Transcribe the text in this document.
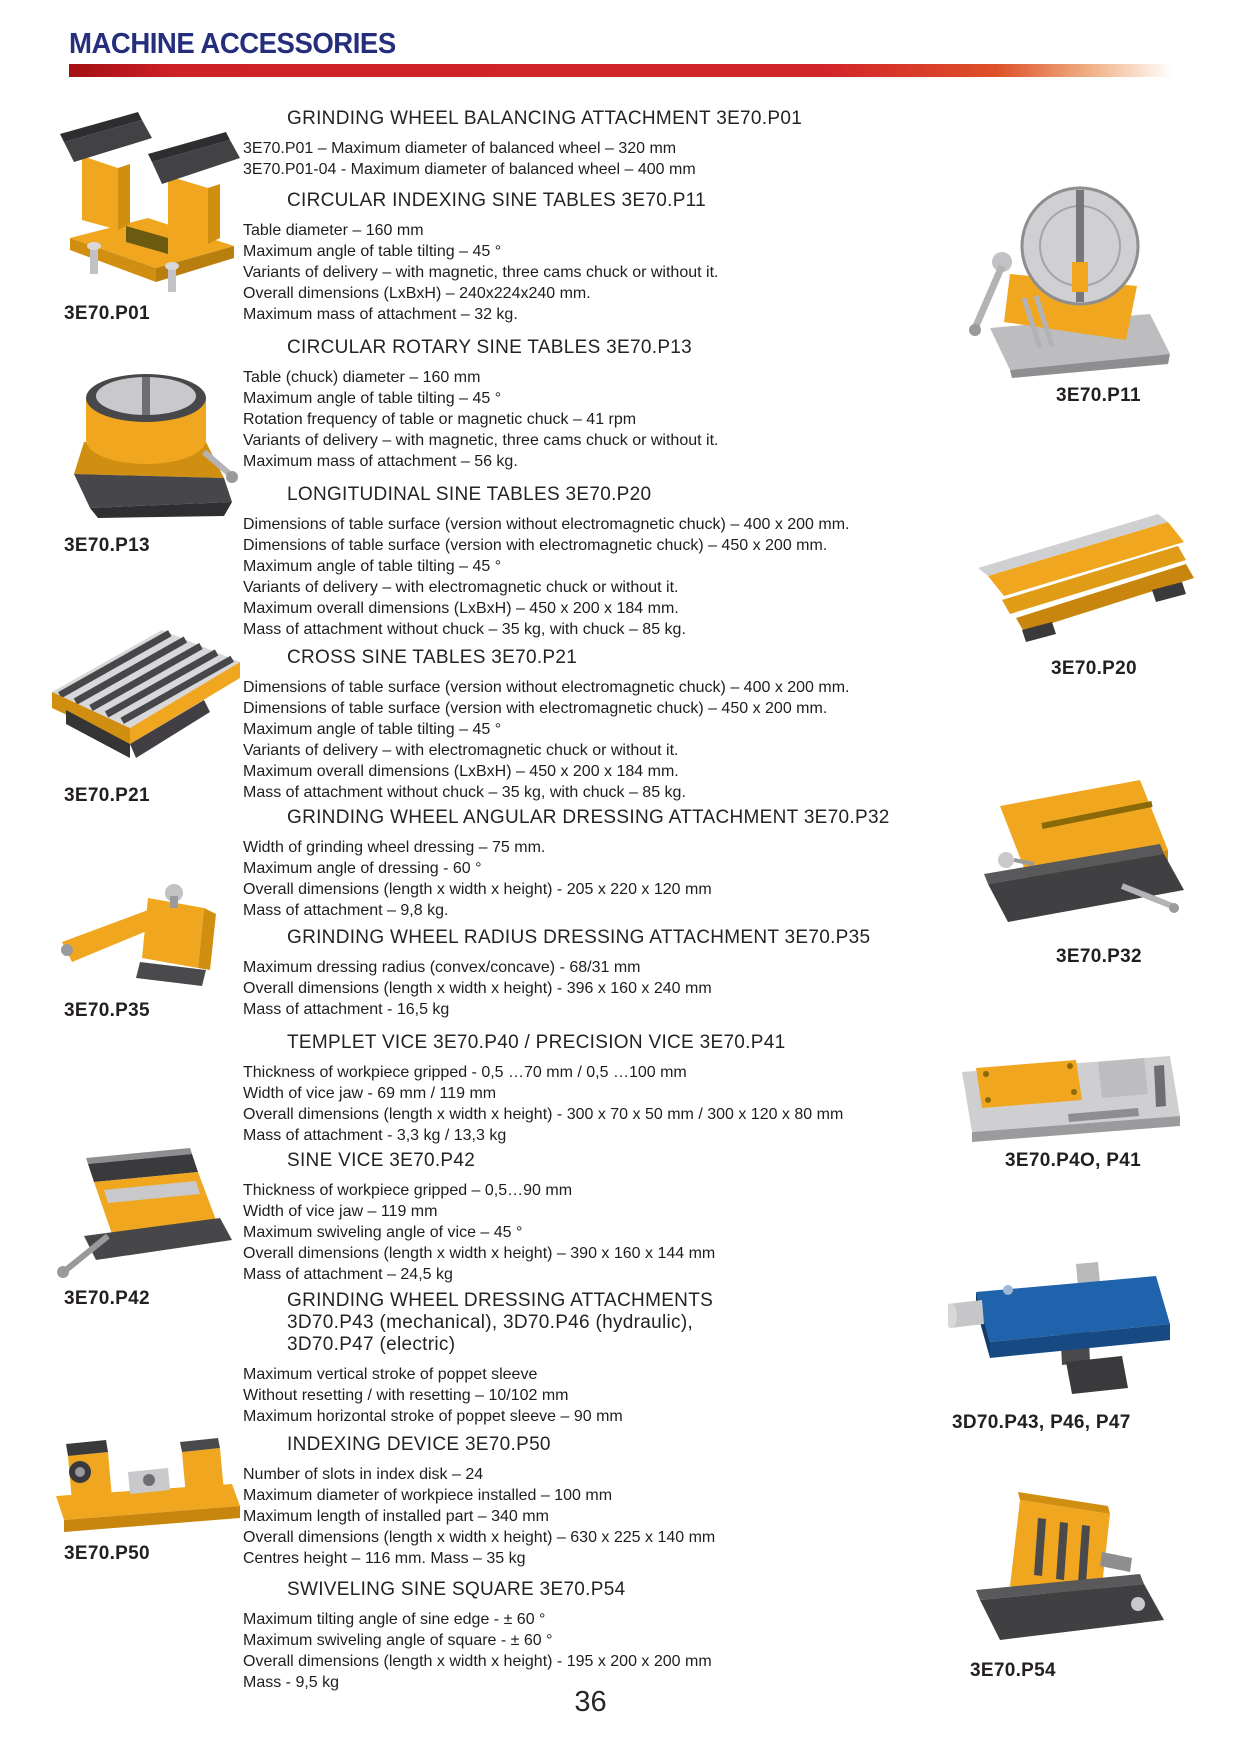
MACHINE ACCESSORIES
GRINDING WHEEL BALANCING ATTACHMENT 3E70.P01
3E70.P01 – Maximum diameter of balanced wheel – 320 mm
3E70.P01-04 - Maximum diameter of balanced wheel – 400 mm
CIRCULAR INDEXING SINE TABLES 3E70.P11
Table diameter – 160 mm
Maximum angle of table tilting – 45 °
Variants of delivery – with magnetic, three cams chuck or without it.
Overall dimensions (LxBxH) – 240x224x240 mm.
Maximum mass of attachment – 32 kg.
CIRCULAR ROTARY SINE TABLES 3E70.P13
Table (chuck) diameter – 160 mm
Maximum angle of table tilting – 45 °
Rotation frequency of table or magnetic chuck – 41 rpm
Variants of delivery – with magnetic, three cams chuck or without it.
Maximum mass of attachment – 56 kg.
LONGITUDINAL SINE TABLES 3E70.P20
Dimensions of table surface (version without electromagnetic chuck) – 400 x 200 mm.
Dimensions of table surface (version with electromagnetic chuck) – 450 x 200 mm.
Maximum angle of table tilting – 45 °
Variants of delivery – with electromagnetic chuck or without it.
Maximum overall dimensions (LxBxH) – 450 x 200 x 184 mm.
Mass of attachment without chuck – 35 kg, with chuck – 85 kg.
CROSS SINE TABLES 3E70.P21
Dimensions of table surface (version without electromagnetic chuck) – 400 x 200 mm.
Dimensions of table surface (version with electromagnetic chuck) – 450 x 200 mm.
Maximum angle of table tilting – 45 °
Variants of delivery – with electromagnetic chuck or without it.
Maximum overall dimensions (LxBxH) – 450 x 200 x 184 mm.
Mass of attachment without chuck – 35 kg, with chuck – 85 kg.
GRINDING WHEEL ANGULAR DRESSING ATTACHMENT 3E70.P32
Width of grinding wheel dressing – 75 mm.
Maximum angle of dressing - 60 °
Overall dimensions (length x width x height) - 205 x 220 x 120 mm
Mass of attachment – 9,8 kg.
GRINDING WHEEL RADIUS DRESSING ATTACHMENT 3E70.P35
Maximum dressing radius (convex/concave) - 68/31 mm
Overall dimensions (length x width x height) - 396 x 160 x 240 mm
Mass of attachment - 16,5 kg
TEMPLET VICE 3E70.P40 / PRECISION VICE 3E70.P41
Thickness of workpiece gripped - 0,5 …70 mm / 0,5 …100 mm
Width of vice jaw - 69 mm / 119 mm
Overall dimensions (length x width x height) - 300 x 70 x 50 mm / 300 x 120 x 80 mm
Mass of attachment - 3,3 kg / 13,3 kg
SINE VICE 3E70.P42
Thickness of workpiece gripped – 0,5…90 mm
Width of vice jaw – 119 mm
Maximum swiveling angle of vice – 45 °
Overall dimensions (length x width x height) – 390 x 160 x 144 mm
Mass of attachment – 24,5 kg
GRINDING WHEEL DRESSING ATTACHMENTS
3D70.P43 (mechanical), 3D70.P46 (hydraulic),
3D70.P47 (electric)
Maximum vertical stroke of poppet sleeve
Without resetting / with resetting – 10/102 mm
Maximum horizontal stroke of poppet sleeve – 90 mm
INDEXING DEVICE 3E70.P50
Number of slots in index disk – 24
Maximum diameter of workpiece installed – 100 mm
Maximum length of installed part – 340 mm
Overall dimensions (length x width x height) – 630 x 225 x 140 mm
Centres height – 116 mm. Mass – 35 kg
SWIVELING SINE SQUARE 3E70.P54
Maximum tilting angle of sine edge - ± 60 °
Maximum swiveling angle of square - ± 60 °
Overall dimensions (length x width x height) - 195 x 200 x 200 mm
Mass - 9,5 kg
3E70.P01
3E70.P13
3E70.P21
3E70.P35
3E70.P42
3E70.P50
3E70.P11
3E70.P20
3E70.P32
3E70.P4O, P41
3D70.P43, P46, P47
3E70.P54
36
